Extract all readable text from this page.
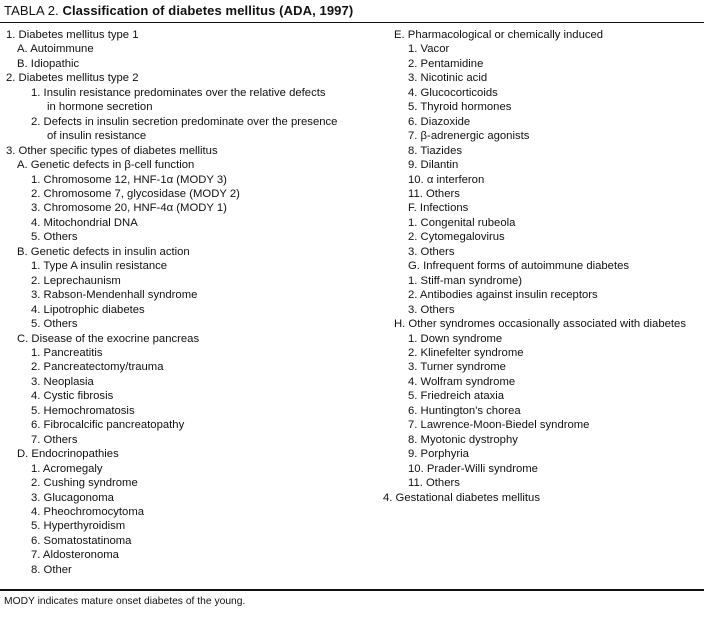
TABLA 2. Classification of diabetes mellitus (ADA, 1997)
1. Diabetes mellitus type 1
A. Autoimmune
B. Idiopathic
2. Diabetes mellitus type 2
1. Insulin resistance predominates over the relative defects
in hormone secretion
2. Defects in insulin secretion predominate over the presence
of insulin resistance
3. Other specific types of diabetes mellitus
A. Genetic defects in β-cell function
1. Chromosome 12, HNF-1α (MODY 3)
2. Chromosome 7, glycosidase (MODY 2)
3. Chromosome 20, HNF-4α (MODY 1)
4. Mitochondrial DNA
5. Others
B. Genetic defects in insulin action
1. Type A insulin resistance
2. Leprechaunism
3. Rabson-Mendenhall syndrome
4. Lipotrophic diabetes
5. Others
C. Disease of the exocrine pancreas
1. Pancreatitis
2. Pancreatectomy/trauma
3. Neoplasia
4. Cystic fibrosis
5. Hemochromatosis
6. Fibrocalcific pancreatopathy
7. Others
D. Endocrinopathies
1. Acromegaly
2. Cushing syndrome
3. Glucagonoma
4. Pheochromocytoma
5. Hyperthyroidism
6. Somatostatinoma
7. Aldosteronoma
8. Other
E. Pharmacological or chemically induced
1. Vacor
2. Pentamidine
3. Nicotinic acid
4. Glucocorticoids
5. Thyroid hormones
6. Diazoxide
7. β-adrenergic agonists
8. Tiazides
9. Dilantin
10. α interferon
11. Others
F. Infections
1. Congenital rubeola
2. Cytomegalovirus
3. Others
G. Infrequent forms of autoimmune diabetes
1. Stiff-man syndrome)
2. Antibodies against insulin receptors
3. Others
H. Other syndromes occasionally associated with diabetes
1. Down syndrome
2. Klinefelter syndrome
3. Turner syndrome
4. Wolfram syndrome
5. Friedreich ataxia
6. Huntington's chorea
7. Lawrence-Moon-Biedel syndrome
8. Myotonic dystrophy
9. Porphyria
10. Prader-Willi syndrome
11. Others
4. Gestational diabetes mellitus
MODY indicates mature onset diabetes of the young.
